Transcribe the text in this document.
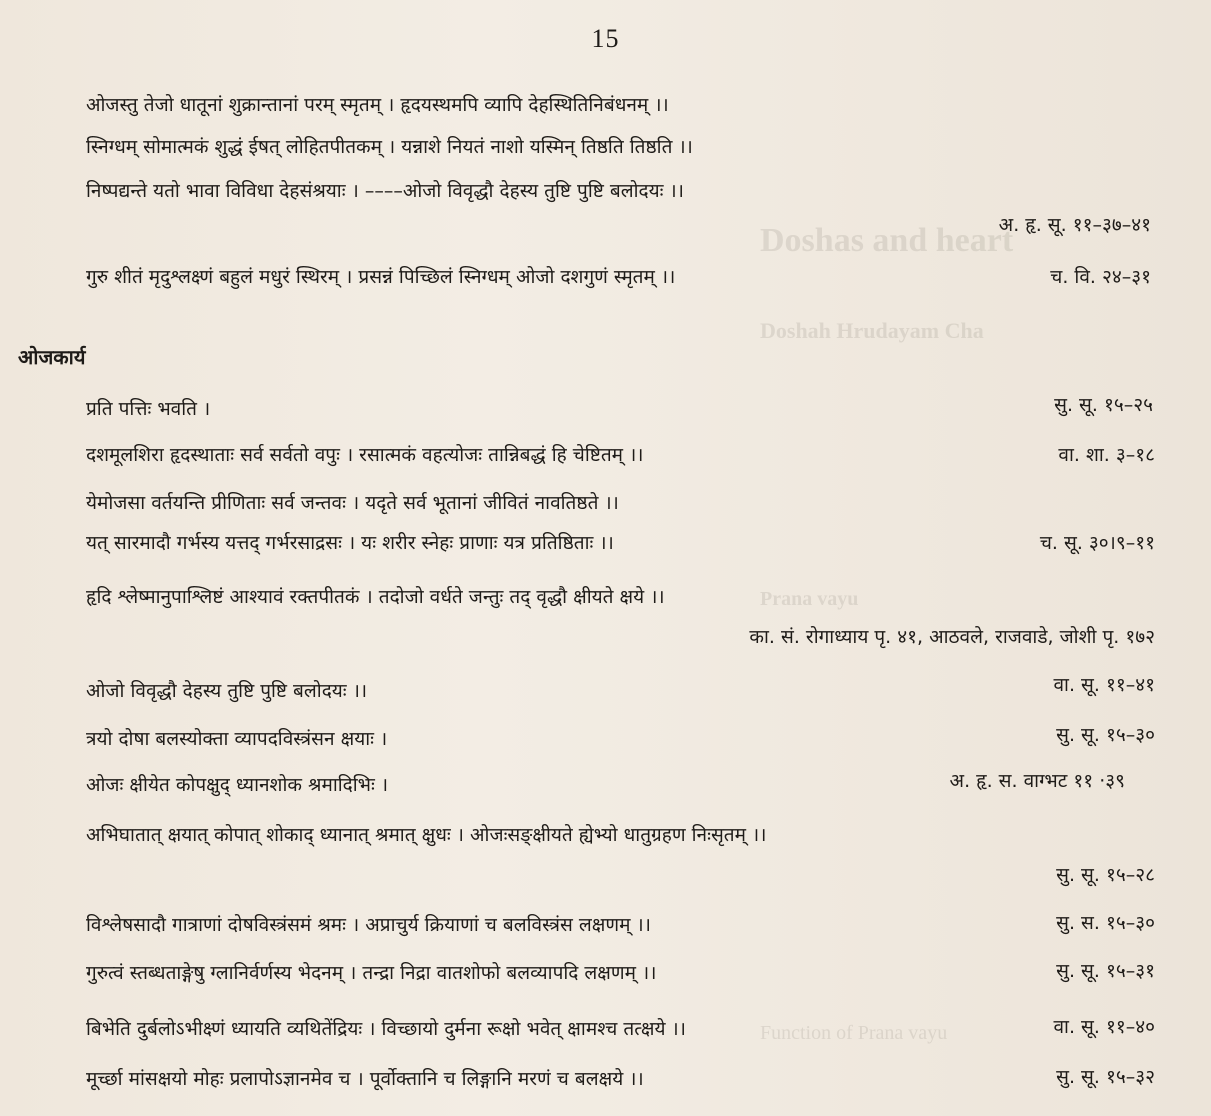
Doshas and heart
Doshah Hrudayam Cha
Prana vayu
Function of Prana vayu
15
ओजस्तु तेजो धातूनां शुक्रान्तानां परम् स्मृतम् । हृदयस्थमपि व्यापि देहस्थितिनिबंधनम् ।।
स्निग्धम् सोमात्मकं शुद्धं ईषत् लोहितपीतकम् । यन्नाशे नियतं नाशो यस्मिन् तिष्ठति तिष्ठति ।।
निष्पद्यन्ते यतो भावा विविधा देहसंश्रयाः । ––––ओजो विवृद्धौ देहस्य तुष्टि पुष्टि बलोदयः ।।
अ. हृ. सू. ११–३७–४१
गुरु शीतं मृदुश्लक्ष्णं बहुलं मधुरं स्थिरम् । प्रसन्नं पिच्छिलं स्निग्धम् ओजो दशगुणं स्मृतम् ।।	च. वि. २४–३१
ओजकार्य
प्रति पत्तिः भवति ।	सु. सू. १५–२५
दशमूलशिरा हृदस्थाताः सर्व सर्वतो वपुः । रसात्मकं वहत्योजः तान्निबद्धं हि चेष्टितम् ।।	वा. शा. ३–१८
येमोजसा वर्तयन्ति प्रीणिताः सर्व जन्तवः । यदृते सर्व भूतानां जीवितं नावतिष्ठते ।।
यत् सारमादौ गर्भस्य यत्तद् गर्भरसाद्रसः । यः शरीर स्नेहः प्राणाः यत्र प्रतिष्ठिताः ।।	च. सू. ३०।९–११
हृदि श्लेष्मानुपाश्लिष्टं आश्यावं रक्तपीतकं । तदोजो वर्धते जन्तुः तद् वृद्धौ क्षीयते क्षये ।।
का. सं. रोगाध्याय पृ. ४१, आठवले, राजवाडे, जोशी पृ. १७२
ओजो विवृद्धौ देहस्य तुष्टि पुष्टि बलोदयः ।।	वा. सू. ११–४१
त्रयो दोषा बलस्योक्ता व्यापदविस्त्रंसन क्षयाः ।	सु. सू. १५–३०
ओजः क्षीयेत कोपक्षुद् ध्यानशोक श्रमादिभिः ।	अ. हृ. स. वाग्भट ११ ·३९
अभिघातात् क्षयात् कोपात् शोकाद् ध्यानात् श्रमात् क्षुधः । ओजःसङ्क्षीयते ह्येभ्यो धातुग्रहण निःसृतम् ।।
सु. सू. १५–२८
विश्लेषसादौ गात्राणां दोषविस्त्रंसमं श्रमः । अप्राचुर्य क्रियाणां च बलविस्त्रंस लक्षणम् ।।	सु. स. १५–३०
गुरुत्वं स्तब्धताङ्गेषु ग्लानिर्वर्णस्य भेदनम् । तन्द्रा निद्रा वातशोफो बलव्यापदि लक्षणम् ।।	सु. सू. १५–३१
बिभेति दुर्बलोऽभीक्ष्णं ध्यायति व्यथितेंद्रियः । विच्छायो दुर्मना रूक्षो भवेत् क्षामश्च तत्क्षये ।।	वा. सू. ११–४०
मूर्च्छा मांसक्षयो मोहः प्रलापोऽज्ञानमेव च । पूर्वोक्तानि च लिङ्गानि मरणं च बलक्षये ।।	सु. सू. १५–३२
